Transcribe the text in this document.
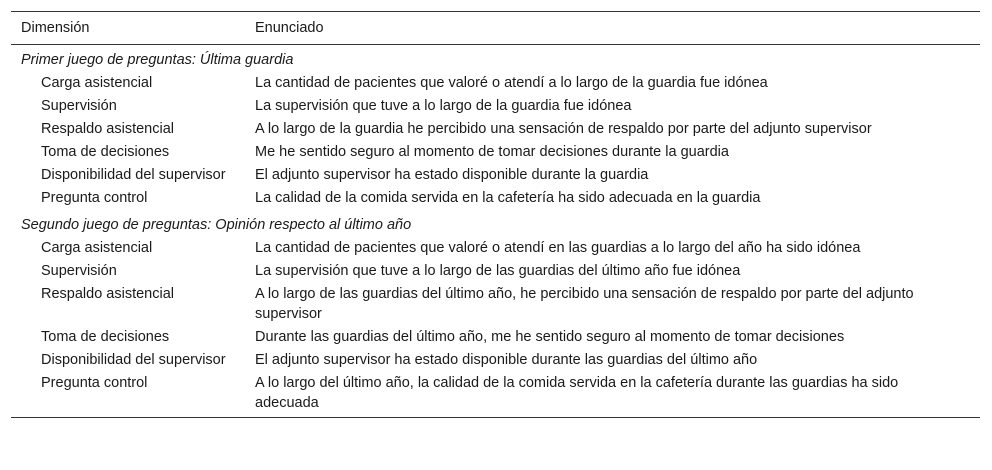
Dimensión	Enunciado
Primer juego de preguntas: Última guardia	

Carga asistencial	La cantidad de pacientes que valoré o atendí a lo largo de la guardia fue idónea

Supervisión	La supervisión que tuve a lo largo de la guardia fue idónea

Respaldo asistencial	A lo largo de la guardia he percibido una sensación de respaldo por parte del adjunto supervisor

Toma de decisiones	Me he sentido seguro al momento de tomar decisiones durante la guardia

Disponibilidad del supervisor	El adjunto supervisor ha estado disponible durante la guardia

Pregunta control	La calidad de la comida servida en la cafetería ha sido adecuada en la guardia
Segundo juego de preguntas: Opinión respecto al último año	

Carga asistencial	La cantidad de pacientes que valoré o atendí en las guardias a lo largo del año ha sido idónea

Supervisión	La supervisión que tuve a lo largo de las guardias del último año fue idónea

Respaldo asistencial	A lo largo de las guardias del último año, he percibido una sensación de respaldo por parte del adjunto supervisor

Toma de decisiones	Durante las guardias del último año, me he sentido seguro al momento de tomar decisiones

Disponibilidad del supervisor	El adjunto supervisor ha estado disponible durante las guardias del último año

Pregunta control	A lo largo del último año, la calidad de la comida servida en la cafetería durante las guardias ha sido adecuada
